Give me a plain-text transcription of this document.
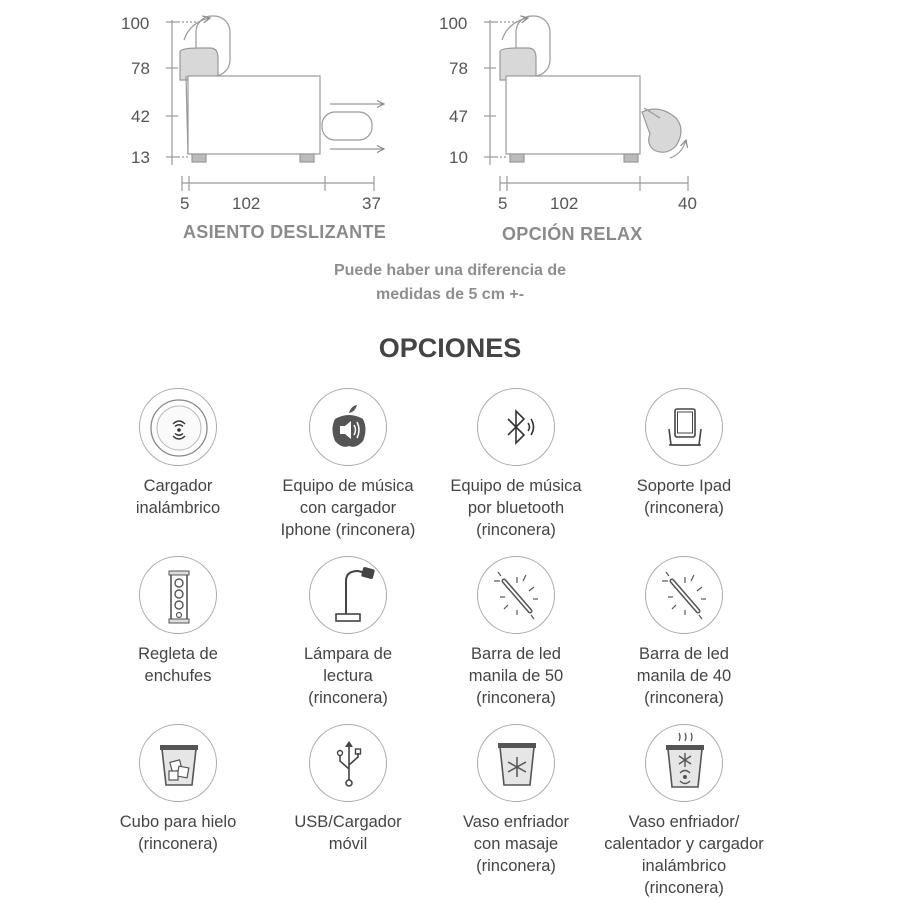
100
78
42
13
5	102	37
ASIENTO DESLIZANTE
100
78
47
10
5	102	40
OPCIÓN RELAX
Puede haber una diferencia de
medidas de 5 cm +-
OPCIONES
Cargador
inalámbrico
Equipo de música
con cargador
Iphone (rinconera)
Equipo de música
por bluetooth
(rinconera)
Soporte Ipad
(rinconera)
Regleta de
enchufes
Lámpara de
lectura
(rinconera)
Barra de led
manila de 50
(rinconera)
Barra de led
manila de 40
(rinconera)
Cubo para hielo
(rinconera)
USB/Cargador
móvil
Vaso enfriador
con masaje
(rinconera)
Vaso enfriador/
calentador y cargador
inalámbrico
(rinconera)
